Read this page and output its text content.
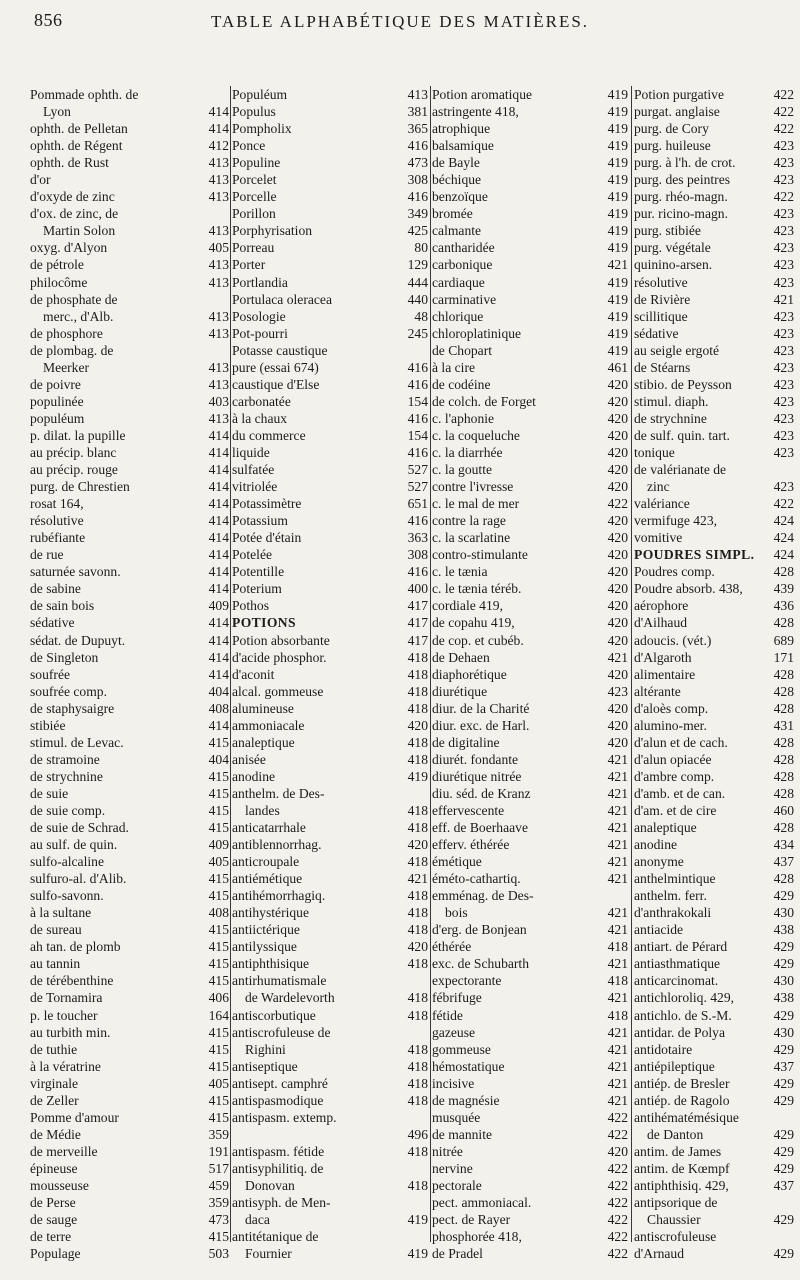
856	TABLE ALPHABÉTIQUE DES MATIÈRES.
Pommade ophth. de
Lyon	414
ophth. de Pelletan	414
ophth. de Régent	412
ophth. de Rust	413
d'or	413
d'oxyde de zinc	413
d'ox. de zinc, de
Martin Solon	413
oxyg. d'Alyon	405
de pétrole	413
philocôme	413
de phosphate de
merc., d'Alb.	413
de phosphore	413
de plombag. de
Meerker	413
de poivre	413
populinée	403
populéum	413
p. dilat. la pupille	414
au précip. blanc	414
au précip. rouge	414
purg. de Chrestien	414
rosat 164,	414
résolutive	414
rubéfiante	414
de rue	414
saturnée savonn.	414
de sabine	414
de sain bois	409
sédative	414
sédat. de Dupuyt.	414
de Singleton	414
soufrée	414
soufrée comp.	404
de staphysaigre	408
stibiée	414
stimul. de Levac.	415
de stramoine	404
de strychnine	415
de suie	415
de suie comp.	415
de suie de Schrad.	415
au sulf. de quin.	409
sulfo-alcaline	405
sulfuro-al. d'Alib.	415
sulfo-savonn.	415
à la sultane	408
de sureau	415
ah tan. de plomb	415
au tannin	415
de térébenthine	415
de Tornamira	406
p. le toucher	164
au turbith min.	415
de tuthie	415
à la vératrine	415
virginale	405
de Zeller	415
Pomme d'amour	415
de Médie	359
de merveille	191
épineuse	517
mousseuse	459
de Perse	359
de sauge	473
de terre	415
Populage	503
Populéum	413
Populus	381
Pompholix	365
Ponce	416
Populine	473
Porcelet	308
Porcelle	416
Porillon	349
Porphyrisation	425
Porreau	80
Porter	129
Portlandia	444
Portulaca oleracea	440
Posologie	48
Pot-pourri	245
Potasse caustique
pure (essai 674)	416
caustique d'Else	416
carbonatée	154
à la chaux	416
du commerce	154
liquide	416
sulfatée	527
vitriolée	527
Potassimètre	651
Potassium	416
Potée d'étain	363
Potelée	308
Potentille	416
Poterium	400
Pothos	417
POTIONS	417
Potion absorbante	417
d'acide phosphor.	418
d'aconit	418
alcal. gommeuse	418
alumineuse	418
ammoniacale	420
analeptique	418
anisée	418
anodine	419
anthelm. de Des-
landes	418
anticatarrhale	418
antiblennorrhag.	420
anticroupale	418
antiémétique	421
antihémorrhagiq.	418
antihystérique	418
antiictérique	418
antilyssique	420
antiphthisique	418
antirhumatismale
de Wardelevorth	418
antiscorbutique	418
antiscrofuleuse de
Righini	418
antiseptique	418
antisept. camphré	418
antispasmodique	418
antispasm. extemp.
496
antispasm. fétide	418
antisyphilitiq. de
Donovan	418
antisyph. de Men-
daca	419
antitétanique de
Fournier	419
Potion aromatique	419
astringente 418,	419
atrophique	419
balsamique	419
de Bayle	419
béchique	419
benzoïque	419
bromée	419
calmante	419
cantharidée	419
carbonique	421
cardiaque	419
carminative	419
chlorique	419
chloroplatinique	419
de Chopart	419
à la cire	461
de codéine	420
de colch. de Forget	420
c. l'aphonie	420
c. la coqueluche	420
c. la diarrhée	420
c. la goutte	420
contre l'ivresse	420
c. le mal de mer	422
contre la rage	420
c. la scarlatine	420
contro-stimulante	420
c. le tænia	420
c. le tænia téréb.	420
cordiale 419,	420
de copahu 419,	420
de cop. et cubéb.	420
de Dehaen	421
diaphorétique	420
diurétique	423
diur. de la Charité	420
diur. exc. de Harl.	420
de digitaline	420
diurét. fondante	421
diurétique nitrée	421
diu. séd. de Kranz	421
effervescente	421
eff. de Boerhaave	421
efferv. éthérée	421
émétique	421
éméto-cathartiq.	421
emménag. de Des-
bois	421
d'erg. de Bonjean	421
éthérée	418
exc. de Schubarth	421
expectorante	418
fébrifuge	421
fétide	418
gazeuse	421
gommeuse	421
hémostatique	421
incisive	421
de magnésie	421
musquée	422
de mannite	422
nitrée	420
nervine	422
pectorale	422
pect. ammoniacal.	422
pect. de Rayer	422
phosphorée 418,	422
de Pradel	422
Potion purgative	422
purgat. anglaise	422
purg. de Cory	422
purg. huileuse	423
purg. à l'h. de crot.	423
purg. des peintres	423
purg. rhéo-magn.	422
pur. ricino-magn.	423
purg. stibiée	423
purg. végétale	423
quinino-arsen.	423
résolutive	423
de Rivière	421
scillitique	423
sédative	423
au seigle ergoté	423
de Stéarns	423
stibio. de Peysson	423
stimul. diaph.	423
de strychnine	423
de sulf. quin. tart.	423
tonique	423
de valérianate de
zinc	423
valériance	422
vermifuge 423,	424
vomitive	424
POUDRES SIMPL.	424
Poudres comp.	428
Poudre absorb. 438,	439
aérophore	436
d'Ailhaud	428
adoucis. (vét.)	689
d'Algaroth	171
alimentaire	428
altérante	428
d'aloès comp.	428
alumino-mer.	431
d'alun et de cach.	428
d'alun opiacée	428
d'ambre comp.	428
d'amb. et de can.	428
d'am. et de cire	460
analeptique	428
anodine	434
anonyme	437
anthelmintique	428
anthelm. ferr.	429
d'anthrakokali	430
antiacide	438
antiart. de Pérard	429
antiasthmatique	429
anticarcinomat.	430
antichloroliq. 429,	438
antichlo. de S.-M.	429
antidar. de Polya	430
antidotaire	429
antiépileptique	437
antiép. de Bresler	429
antiép. de Ragolo	429
antihématémésique
de Danton	429
antim. de James	429
antim. de Kœmpf	429
antiphthisiq. 429,	437
antipsorique de
Chaussier	429
antiscrofuleuse
d'Arnaud	429
